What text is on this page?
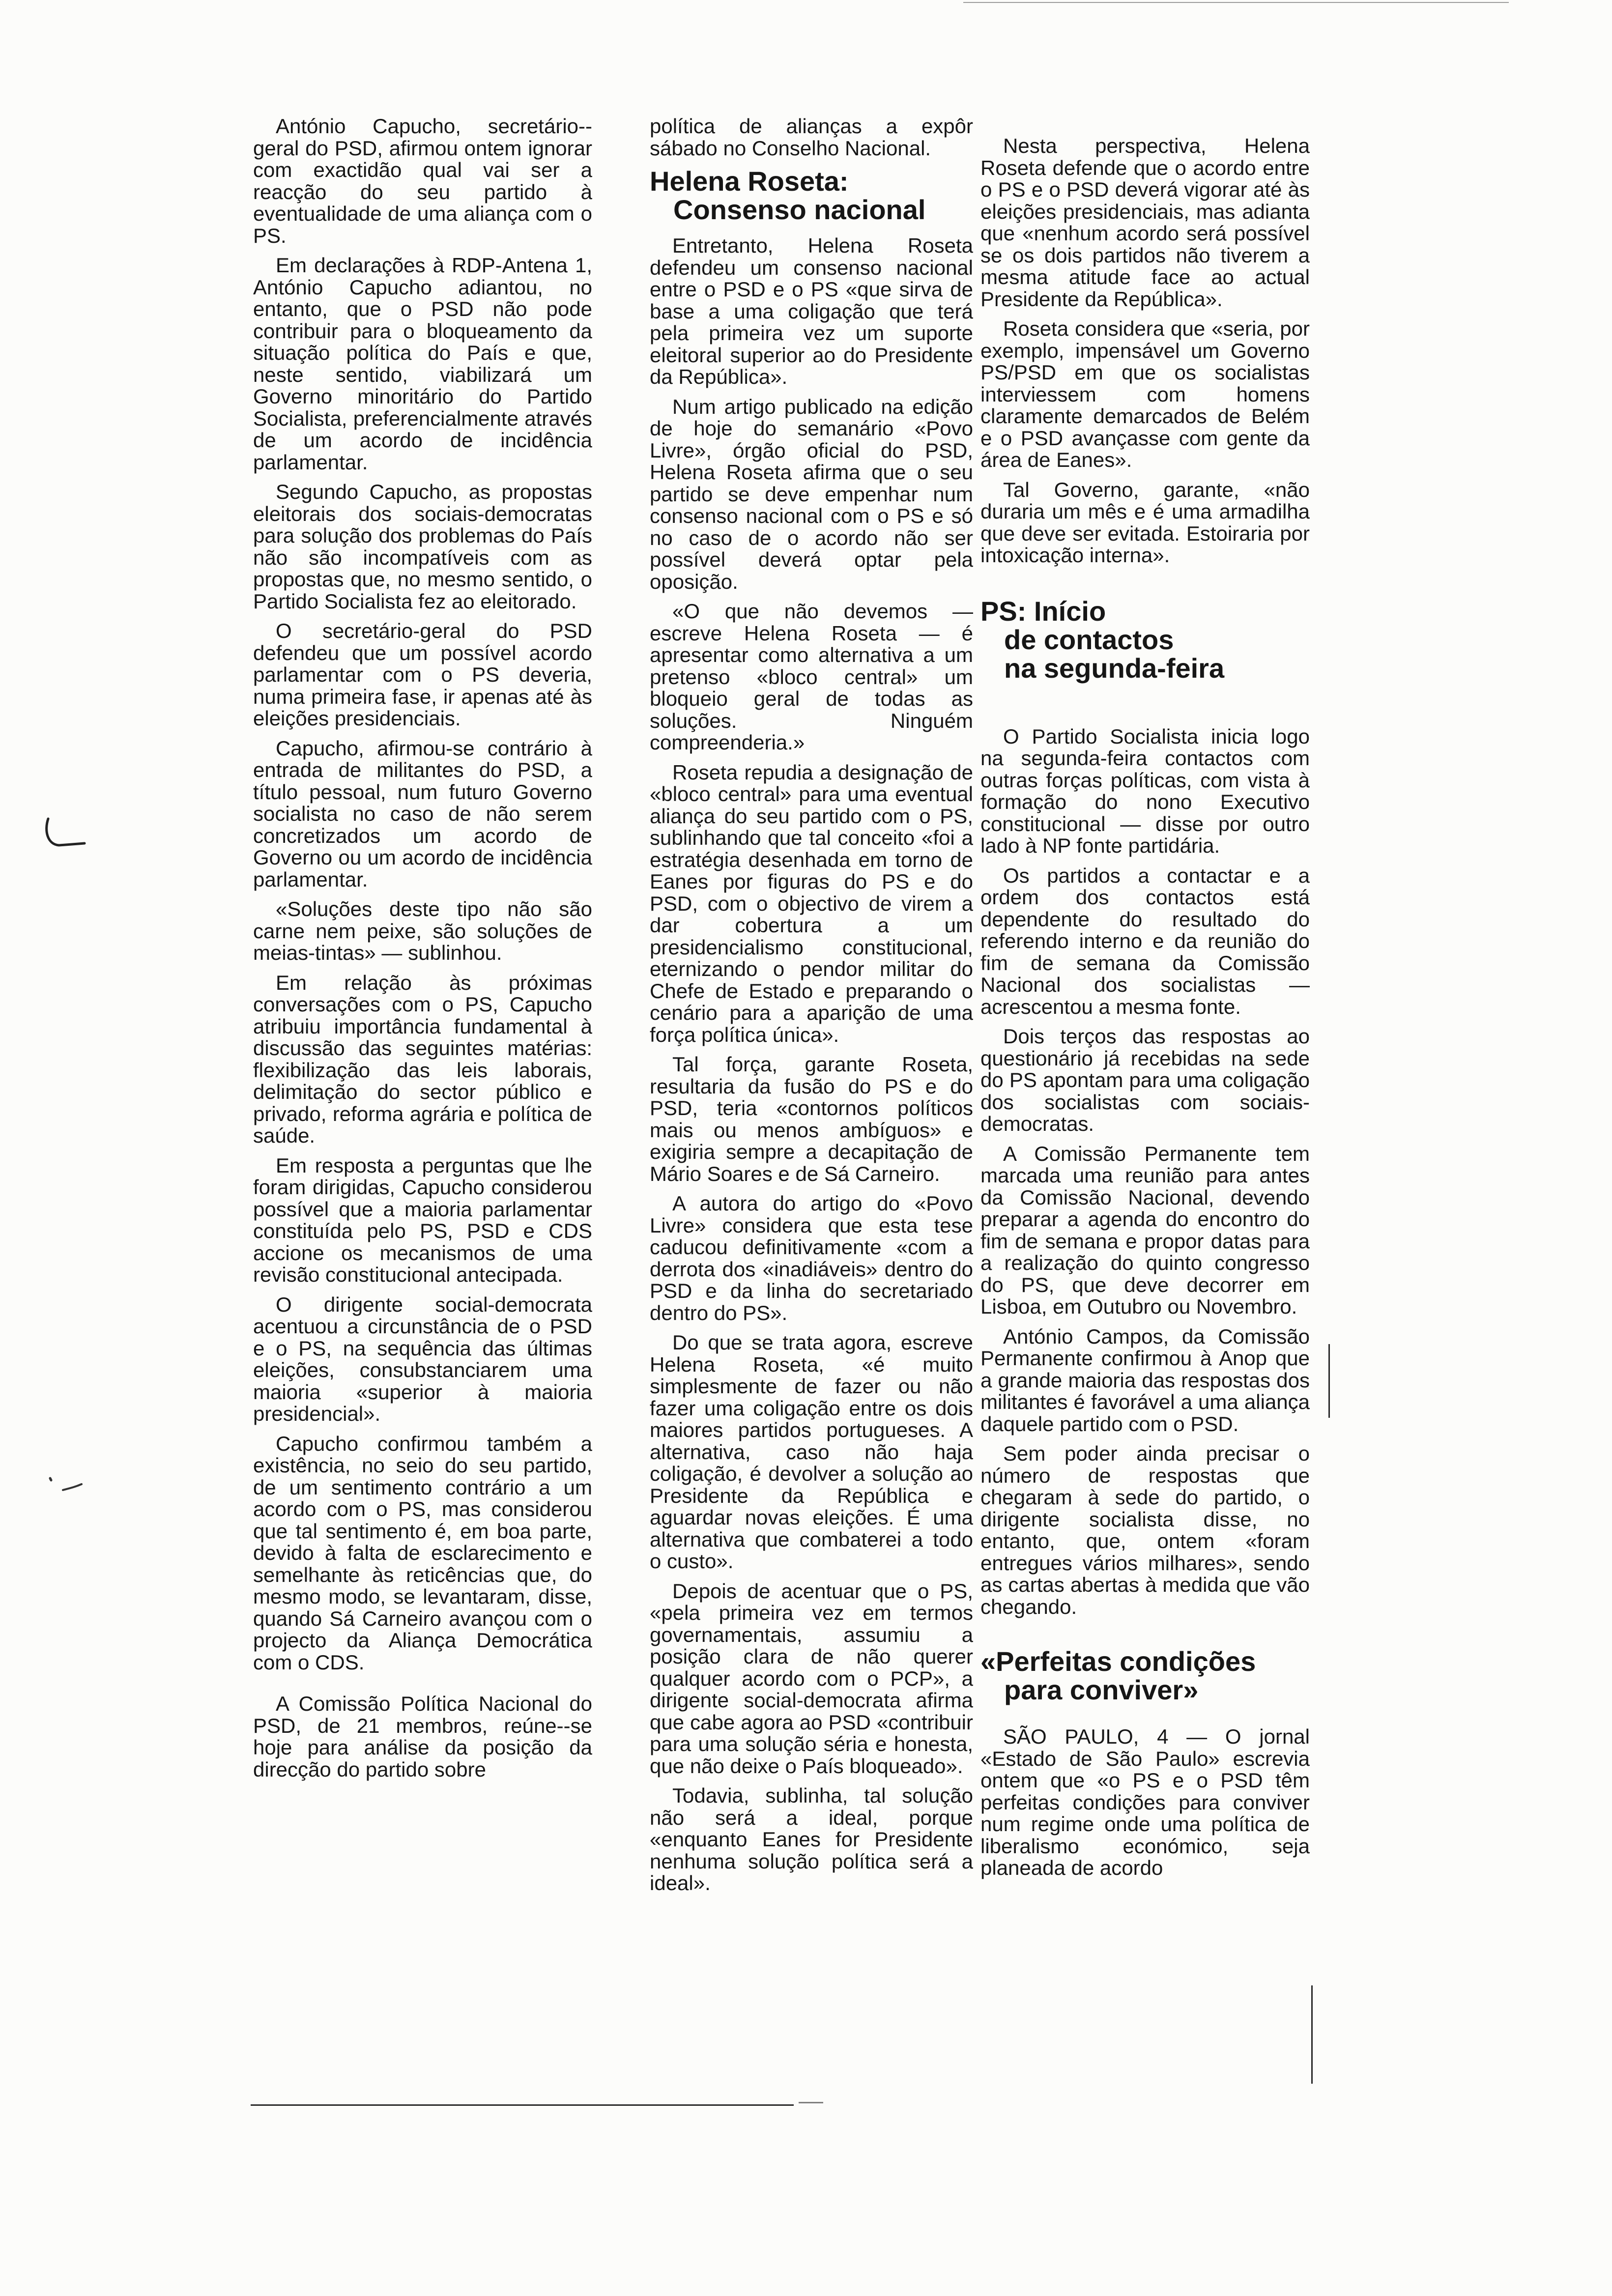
António Capucho, secretário--geral do PSD, afirmou ontem ignorar com exactidão qual vai ser a reacção do seu partido à eventualidade de uma aliança com o PS.

Em declarações à RDP-Antena 1, António Capucho adiantou, no entanto, que o PSD não pode contribuir para o bloqueamento da situação política do País e que, neste sentido, viabilizará um Governo minoritário do Partido Socialista, preferencialmente através de um acordo de incidência parlamentar.

Segundo Capucho, as propostas eleitorais dos sociais-democratas para solução dos problemas do País não são incompatíveis com as propostas que, no mesmo sentido, o Partido Socialista fez ao eleitorado.

O secretário-geral do PSD defendeu que um possível acordo parlamentar com o PS deveria, numa primeira fase, ir apenas até às eleições presidenciais.

Capucho, afirmou-se contrário à entrada de militantes do PSD, a título pessoal, num futuro Governo socialista no caso de não serem concretizados um acordo de Governo ou um acordo de incidência parlamentar.

«Soluções deste tipo não são carne nem peixe, são soluções de meias-tintas» — sublinhou.

Em relação às próximas conversações com o PS, Capucho atribuiu importância fundamental à discussão das seguintes matérias: flexibilização das leis laborais, delimitação do sector público e privado, reforma agrária e política de saúde.

Em resposta a perguntas que lhe foram dirigidas, Capucho considerou possível que a maioria parlamentar constituída pelo PS, PSD e CDS accione os mecanismos de uma revisão constitucional antecipada.

O dirigente social-democrata acentuou a circunstância de o PSD e o PS, na sequência das últimas eleições, consubstanciarem uma maioria «superior à maioria presidencial».

Capucho confirmou também a existência, no seio do seu partido, de um sentimento contrário a um acordo com o PS, mas considerou que tal sentimento é, em boa parte, devido à falta de esclarecimento e semelhante às reticências que, do mesmo modo, se levantaram, disse, quando Sá Carneiro avançou com o projecto da Aliança Democrática com o CDS.

A Comissão Política Nacional do PSD, de 21 membros, reúne--se hoje para análise da posição da direcção do partido sobre

política de alianças a expôr sábado no Conselho Nacional.

Helena Roseta:
Consenso nacional

Entretanto, Helena Roseta defendeu um consenso nacional entre o PSD e o PS «que sirva de base a uma coligação que terá pela primeira vez um suporte eleitoral superior ao do Presidente da República».

Num artigo publicado na edição de hoje do semanário «Povo Livre», órgão oficial do PSD, Helena Roseta afirma que o seu partido se deve empenhar num consenso nacional com o PS e só no caso de o acordo não ser possível deverá optar pela oposição.

«O que não devemos — escreve Helena Roseta — é apresentar como alternativa a um pretenso «bloco central» um bloqueio geral de todas as soluções. Ninguém compreenderia.»

Roseta repudia a designação de «bloco central» para uma eventual aliança do seu partido com o PS, sublinhando que tal conceito «foi a estratégia desenhada em torno de Eanes por figuras do PS e do PSD, com o objectivo de virem a dar cobertura a um presidencialismo constitucional, eternizando o pendor militar do Chefe de Estado e preparando o cenário para a aparição de uma força política única».

Tal força, garante Roseta, resultaria da fusão do PS e do PSD, teria «contornos políticos mais ou menos ambíguos» e exigiria sempre a decapitação de Mário Soares e de Sá Carneiro.

A autora do artigo do «Povo Livre» considera que esta tese caducou definitivamente «com a derrota dos «inadiáveis» dentro do PSD e da linha do secretariado dentro do PS».

Do que se trata agora, escreve Helena Roseta, «é muito simplesmente de fazer ou não fazer uma coligação entre os dois maiores partidos portugueses. A alternativa, caso não haja coligação, é devolver a solução ao Presidente da República e aguardar novas eleições. É uma alternativa que combaterei a todo o custo».

Depois de acentuar que o PS, «pela primeira vez em termos governamentais, assumiu a posição clara de não querer qualquer acordo com o PCP», a dirigente social-democrata afirma que cabe agora ao PSD «contribuir para uma solução séria e honesta, que não deixe o País bloqueado».

Todavia, sublinha, tal solução não será a ideal, porque «enquanto Eanes for Presidente nenhuma solução política será a ideal».

Nesta perspectiva, Helena Roseta defende que o acordo entre o PS e o PSD deverá vigorar até às eleições presidenciais, mas adianta que «nenhum acordo será possível se os dois partidos não tiverem a mesma atitude face ao actual Presidente da República».

Roseta considera que «seria, por exemplo, impensável um Governo PS/PSD em que os socialistas interviessem com homens claramente demarcados de Belém e o PSD avançasse com gente da área de Eanes».

Tal Governo, garante, «não duraria um mês e é uma armadilha que deve ser evitada. Estoiraria por intoxicação interna».

PS: Início
de contactos
na segunda-feira

O Partido Socialista inicia logo na segunda-feira contactos com outras forças políticas, com vista à formação do nono Executivo constitucional — disse por outro lado à NP fonte partidária.

Os partidos a contactar e a ordem dos contactos está dependente do resultado do referendo interno e da reunião do fim de semana da Comissão Nacional dos socialistas — acrescentou a mesma fonte.

Dois terços das respostas ao questionário já recebidas na sede do PS apontam para uma coligação dos socialistas com sociais-democratas.

A Comissão Permanente tem marcada uma reunião para antes da Comissão Nacional, devendo preparar a agenda do encontro do fim de semana e propor datas para a realização do quinto congresso do PS, que deve decorrer em Lisboa, em Outubro ou Novembro.

António Campos, da Comissão Permanente confirmou à Anop que a grande maioria das respostas dos militantes é favorável a uma aliança daquele partido com o PSD.

Sem poder ainda precisar o número de respostas que chegaram à sede do partido, o dirigente socialista disse, no entanto, que, ontem «foram entregues vários milhares», sendo as cartas abertas à medida que vão chegando.

«Perfeitas condições
para conviver»

SÃO PAULO, 4 — O jornal «Estado de São Paulo» escrevia ontem que «o PS e o PSD têm perfeitas condições para conviver num regime onde uma política de liberalismo económico, seja planeada de acordo
